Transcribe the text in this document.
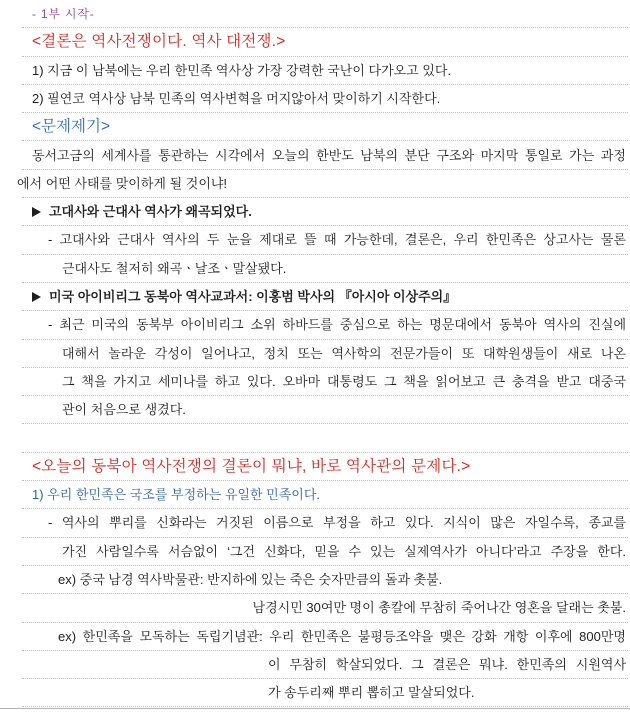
- 1부 시작-
<결론은 역사전쟁이다. 역사 대전쟁.>
1) 지금 이 남북에는 우리 한민족 역사상 가장 강력한 국난이 다가오고 있다.
2) 필연코 역사상 남북 민족의 역사변혁을 머지않아서 맞이하기 시작한다.
<문제제기>
동서고금의 세계사를 통관하는 시각에서 오늘의 한반도 남북의 분단 구조와 마지막 통일로 가는 과정
에서 어떤 사태를 맞이하게 될 것이냐!
고대사와 근대사 역사가 왜곡되었다.
- 고대사와 근대사 역사의 두 눈을 제대로 뜰 때 가능한데, 결론은, 우리 한민족은 상고사는 물론
근대사도 철저히 왜곡ㆍ날조ㆍ말살됐다.
미국 아이비리그 동북아 역사교과서: 이홍범 박사의 『아시아 이상주의』
- 최근 미국의 동북부 아이비리그 소위 하바드를 중심으로 하는 명문대에서 동북아 역사의 진실에
대해서 놀라운 각성이 일어나고, 정치 또는 역사학의 전문가들이 또 대학원생들이 새로 나온
그 책을 가지고 세미나를 하고 있다. 오바마 대통령도 그 책을 읽어보고 큰 충격을 받고 대중국
관이 처음으로 생겼다.
<오늘의 동북아 역사전쟁의 결론이 뭐냐, 바로 역사관의 문제다.>
1) 우리 한민족은 국조를 부정하는 유일한 민족이다.
- 역사의 뿌리를 신화라는 거짓된 이름으로 부정을 하고 있다. 지식이 많은 자일수록, 종교를
가진 사람일수록 서슴없이 ‘그건 신화다, 믿을 수 있는 실제역사가 아니다’라고 주장을 한다.
ex) 중국 남경 역사박물관: 반지하에 있는 죽은 숫자만큼의 돌과 촛불.
남경시민 30여만 명이 총칼에 무참히 죽어나간 영혼을 달래는 촛불.
ex) 한민족을 모독하는 독립기념관: 우리 한민족은 불평등조약을 맺은 강화 개항 이후에 800만명
이 무참히 학살되었다. 그 결론은 뭐냐. 한민족의 시원역사
가 송두리째 뿌리 뽑히고 말살되었다.
